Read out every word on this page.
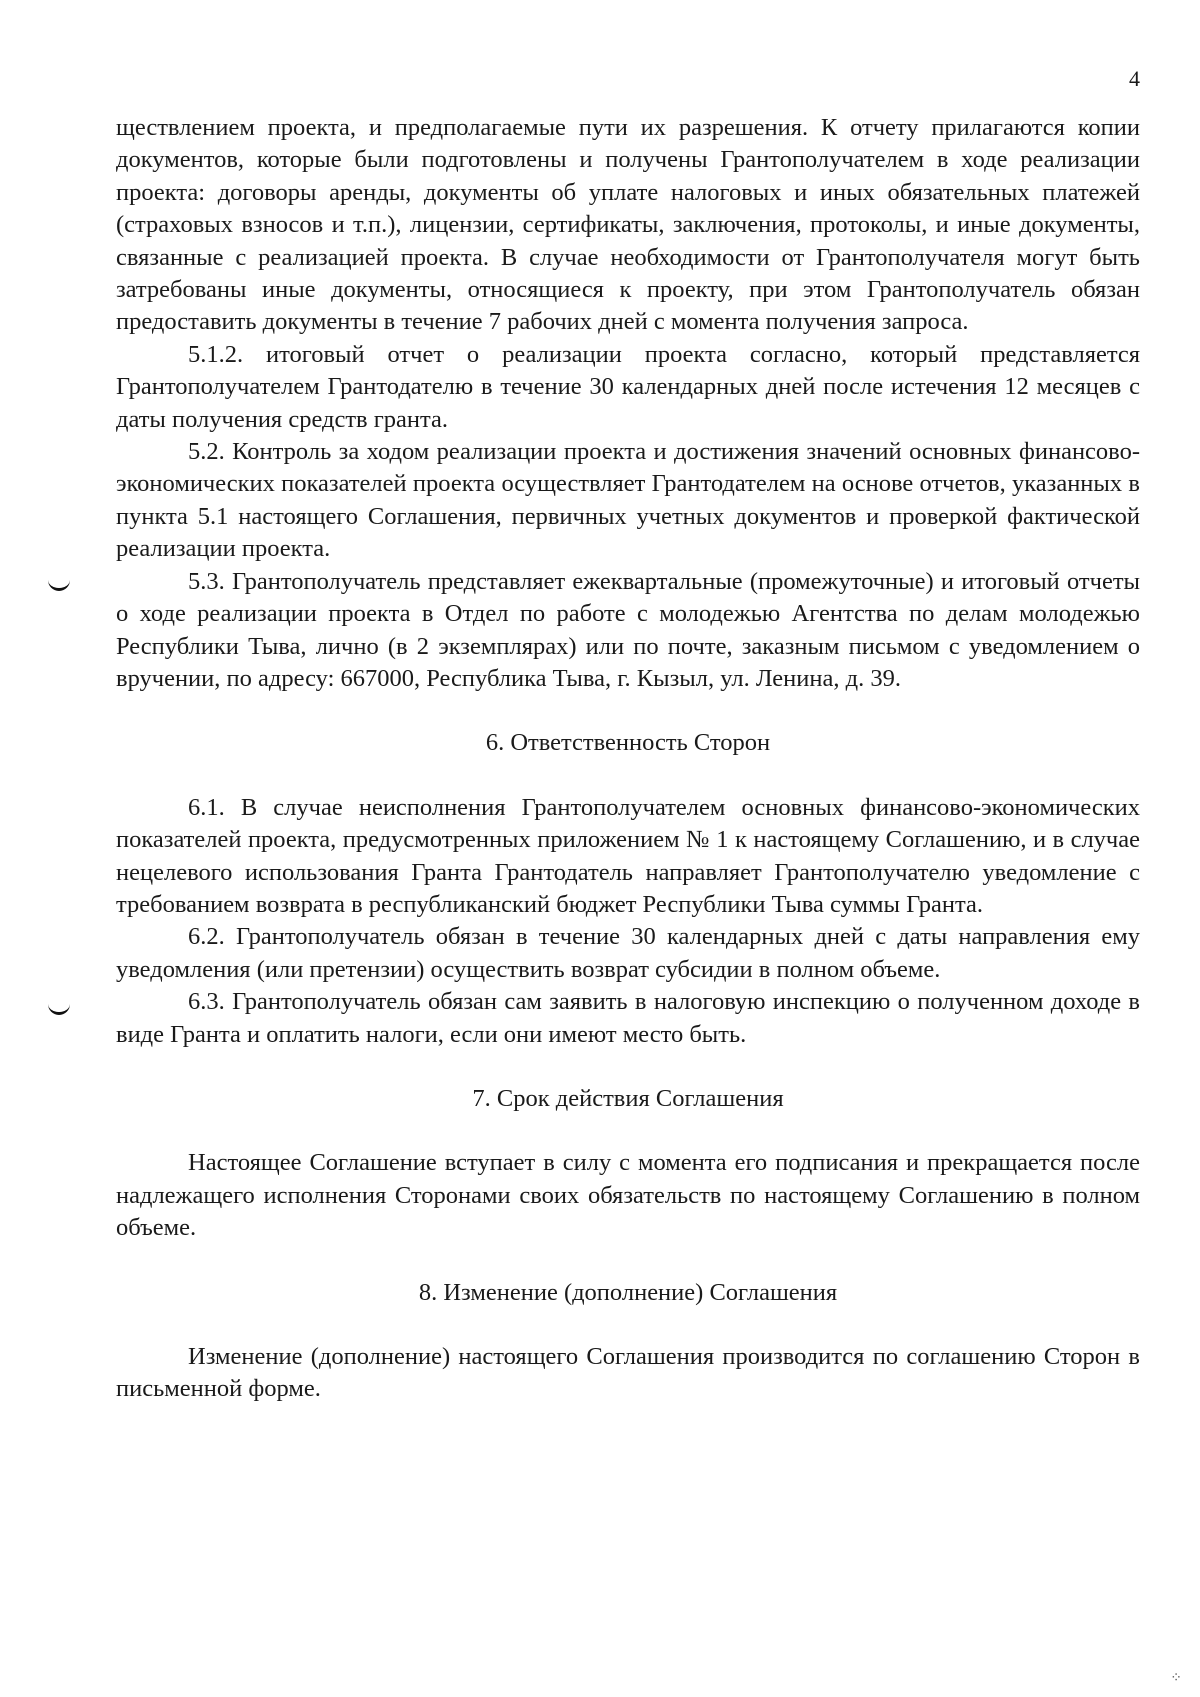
4

ществлением проекта, и предполагаемые пути их разрешения. К отчету прилагаются копии документов, которые были подготовлены и получены Грантополучателем в ходе реализации проекта: договоры аренды, документы об уплате налоговых и иных обязательных платежей (страховых взносов и т.п.), лицензии, сертификаты, заключения, протоколы, и иные документы, связанные с реализацией проекта. В случае необходимости от Грантополучателя могут быть затребованы иные документы, относящиеся к проекту, при этом Грантополучатель обязан предоставить документы в течение 7 рабочих дней с момента получения запроса.

5.1.2. итоговый отчет о реализации проекта согласно, который представляется Грантополучателем Грантодателю в течение 30 календарных дней после истечения 12 месяцев с даты получения средств гранта.

5.2. Контроль за ходом реализации проекта и достижения значений основных финансово-экономических показателей проекта осуществляет Грантодателем на основе отчетов, указанных в пункта 5.1 настоящего Соглашения, первичных учетных документов и проверкой фактической реализации проекта.

5.3. Грантополучатель представляет ежеквартальные (промежуточные) и итоговый отчеты о ходе реализации проекта в Отдел по работе с молодежью Агентства по делам молодежью Республики Тыва, лично (в 2 экземплярах) или по почте, заказным письмом с уведомлением о вручении, по адресу: 667000, Республика Тыва, г. Кызыл, ул. Ленина, д. 39.

6. Ответственность Сторон

6.1. В случае неисполнения Грантополучателем основных финансово-экономических показателей проекта, предусмотренных приложением № 1 к настоящему Соглашению, и в случае нецелевого использования Гранта Грантодатель направляет Грантополучателю уведомление с требованием возврата в республиканский бюджет Республики Тыва суммы Гранта.

6.2. Грантополучатель обязан в течение 30 календарных дней с даты направления ему уведомления (или претензии) осуществить возврат субсидии в полном объеме.

6.3. Грантополучатель обязан сам заявить в налоговую инспекцию о полученном доходе в виде Гранта и оплатить налоги, если они имеют место быть.

7. Срок действия Соглашения

Настоящее Соглашение вступает в силу с момента его подписания и прекращается после надлежащего исполнения Сторонами своих обязательств по настоящему Соглашению в полном объеме.

8. Изменение (дополнение) Соглашения

Изменение (дополнение) настоящего Соглашения производится по соглашению Сторон в письменной форме.

⁘
